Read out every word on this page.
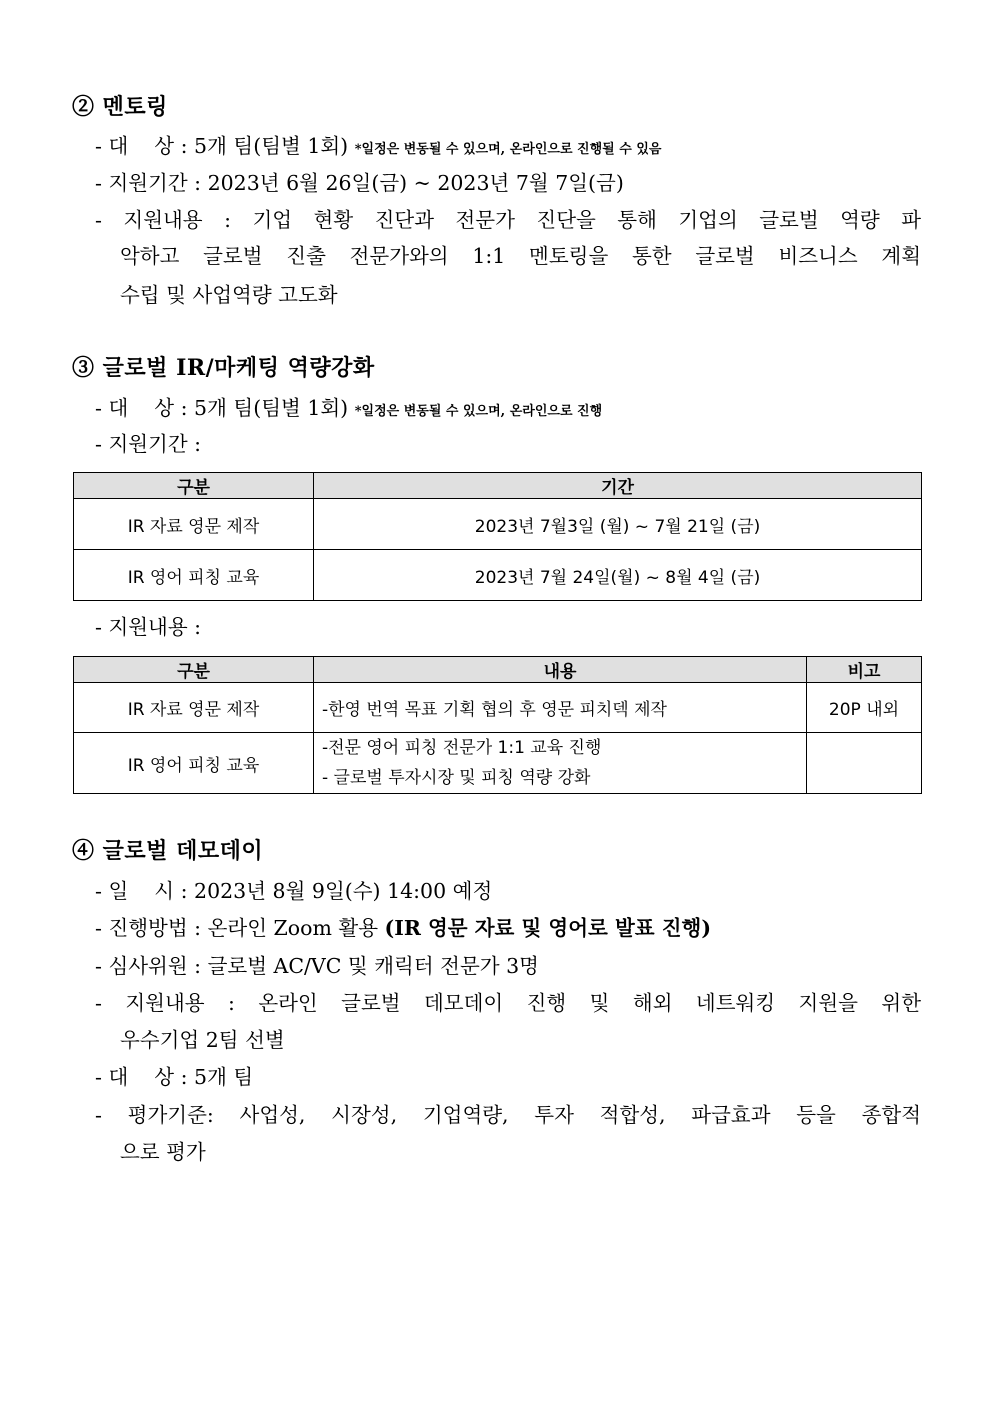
② 멘토링
- 대    상 : 5개 팀(팀별 1회) *일정은 변동될 수 있으며, 온라인으로 진행될 수 있음
- 지원기간 : 2023년 6월 26일(금) ~ 2023년 7월 7일(금)
- 지원내용 : 기업 현황 진단과 전문가 진단을 통해 기업의 글로벌 역량 파
악하고 글로벌 진출 전문가와의 1:1 멘토링을 통한 글로벌 비즈니스 계획
수립 및 사업역량 고도화
③ 글로벌 IR/마케팅 역량강화
- 대    상 : 5개 팀(팀별 1회) *일정은 변동될 수 있으며, 온라인으로 진행
- 지원기간 :
구분	기간
IR 자료 영문 제작	2023년 7월3일 (월) ~ 7월 21일 (금)
IR 영어 피칭 교육	2023년 7월 24일(월) ~ 8월 4일 (금)
- 지원내용 :
구분	내용	비고
IR 자료 영문 제작	-한영 번역 목표 기획 협의 후 영문 피치덱 제작	20P 내외
IR 영어 피칭 교육	-전문 영어 피칭 전문가 1:1 교육 진행
- 글로벌 투자시장 및 피칭 역량 강화	

④ 글로벌 데모데이
- 일    시 : 2023년 8월 9일(수) 14:00 예정
- 진행방법 : 온라인 Zoom 활용 (IR 영문 자료 및 영어로 발표 진행)
- 심사위원 : 글로벌 AC/VC 및 캐릭터 전문가 3명
- 지원내용 : 온라인 글로벌 데모데이 진행 및 해외 네트워킹 지원을 위한
우수기업 2팀 선별
- 대    상 : 5개 팀
- 평가기준: 사업성, 시장성, 기업역량, 투자 적합성, 파급효과 등을 종합적
으로 평가
